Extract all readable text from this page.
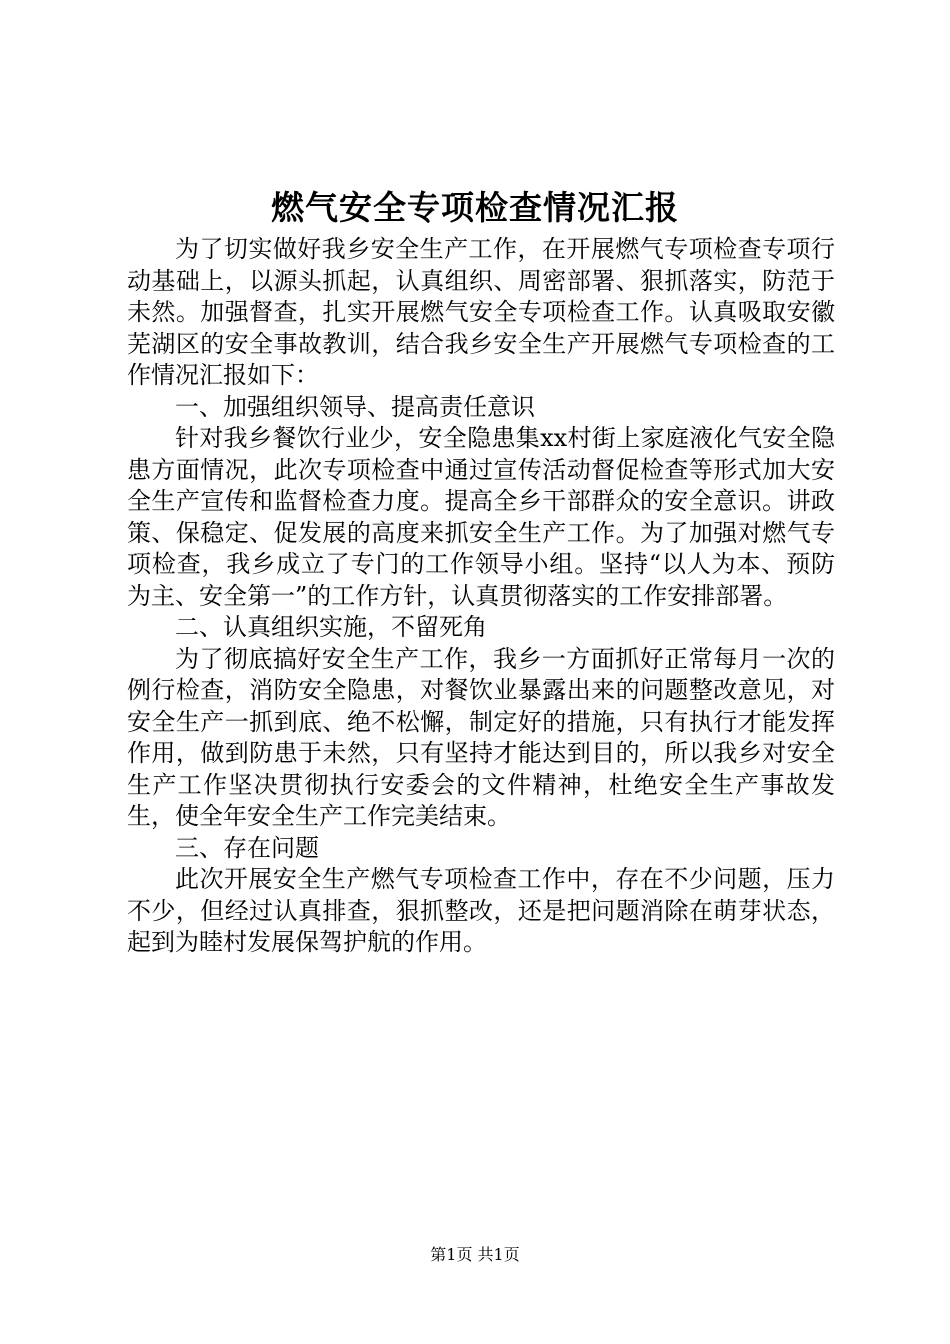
燃气安全专项检查情况汇报

为了切实做好我乡安全生产工作，在开展燃气专项检查专项行动基础上，以源头抓起，认真组织、周密部署、狠抓落实，防范于未然。加强督查，扎实开展燃气安全专项检查工作。认真吸取安徽芜湖区的安全事故教训，结合我乡安全生产开展燃气专项检查的工作情况汇报如下：

一、加强组织领导、提高责任意识

针对我乡餐饮行业少，安全隐患集xx村街上家庭液化气安全隐患方面情况，此次专项检查中通过宣传活动督促检查等形式加大安全生产宣传和监督检查力度。提高全乡干部群众的安全意识。讲政策、保稳定、促发展的高度来抓安全生产工作。为了加强对燃气专项检查，我乡成立了专门的工作领导小组。坚持“以人为本、预防为主、安全第一”的工作方针，认真贯彻落实的工作安排部署。

二、认真组织实施，不留死角

为了彻底搞好安全生产工作，我乡一方面抓好正常每月一次的例行检查，消防安全隐患，对餐饮业暴露出来的问题整改意见，对安全生产一抓到底、绝不松懈，制定好的措施，只有执行才能发挥作用，做到防患于未然，只有坚持才能达到目的，所以我乡对安全生产工作坚决贯彻执行安委会的文件精神，杜绝安全生产事故发生，使全年安全生产工作完美结束。

三、存在问题

此次开展安全生产燃气专项检查工作中，存在不少问题，压力不少，但经过认真排查，狠抓整改，还是把问题消除在萌芽状态，起到为睦村发展保驾护航的作用。

第1页 共1页
